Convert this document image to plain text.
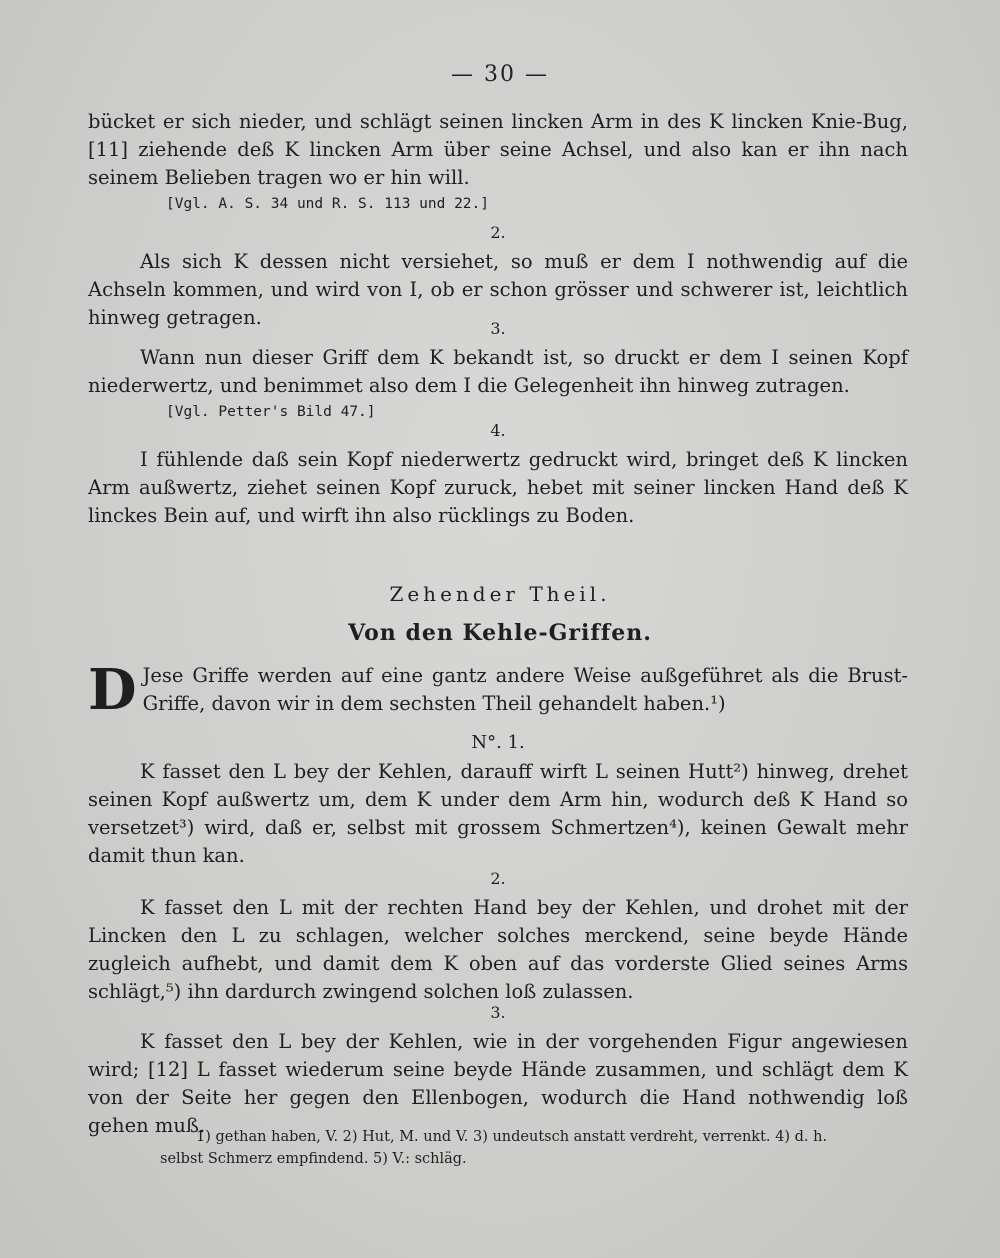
— 30 —

bücket er sich nieder, und schlägt seinen lincken Arm in des K lincken Knie-Bug, [11] ziehende deß K lincken Arm über seine Achsel, und also kan er ihn nach seinem Belieben tragen wo er hin will.

[Vgl. A. S. 34 und R. S. 113 und 22.]

2.

Als sich K dessen nicht versiehet, so muß er dem I nothwendig auf die Achseln kommen, und wird von I, ob er schon grösser und schwerer ist, leichtlich hinweg getragen.	3.

Wann nun dieser Griff dem K bekandt ist, so druckt er dem I seinen Kopf niederwertz, und benimmet also dem I die Gelegenheit ihn hinweg zutragen.

[Vgl. Petter's Bild 47.]

4.

I fühlende daß sein Kopf niederwertz gedruckt wird, bringet deß K lincken Arm außwertz, ziehet seinen Kopf zuruck, hebet mit seiner lincken Hand deß K linckes Bein auf, und wirft ihn also rücklings zu Boden.

Zehender Theil.
Von den Kehle-Griffen.

D Jese Griffe werden auf eine gantz andere Weise außgeführet als die Brust-Griffe, davon wir in dem sechsten Theil gehandelt haben.¹)

N°. 1.

K fasset den L bey der Kehlen, darauff wirft L seinen Hutt²) hinweg, drehet seinen Kopf außwertz um, dem K under dem Arm hin, wodurch deß K Hand so versetzet³) wird, daß er, selbst mit grossem Schmertzen⁴), keinen Gewalt mehr damit thun kan.

2.

K fasset den L mit der rechten Hand bey der Kehlen, und drohet mit der Lincken den L zu schlagen, welcher solches merckend, seine beyde Hände zugleich aufhebt, und damit dem K oben auf das vorderste Glied seines Arms schlägt,⁵) ihn dardurch zwingend solchen loß zulassen.

3.

K fasset den L bey der Kehlen, wie in der vorgehenden Figur angewiesen wird; [12] L fasset wiederum seine beyde Hände zusammen, und schlägt dem K von der Seite her gegen den Ellenbogen, wodurch die Hand nothwendig loß gehen muß.

1) gethan haben, V. 2) Hut, M. und V. 3) undeutsch anstatt verdreht, verrenkt. 4) d. h.
selbst Schmerz empfindend. 5) V.: schläg.
